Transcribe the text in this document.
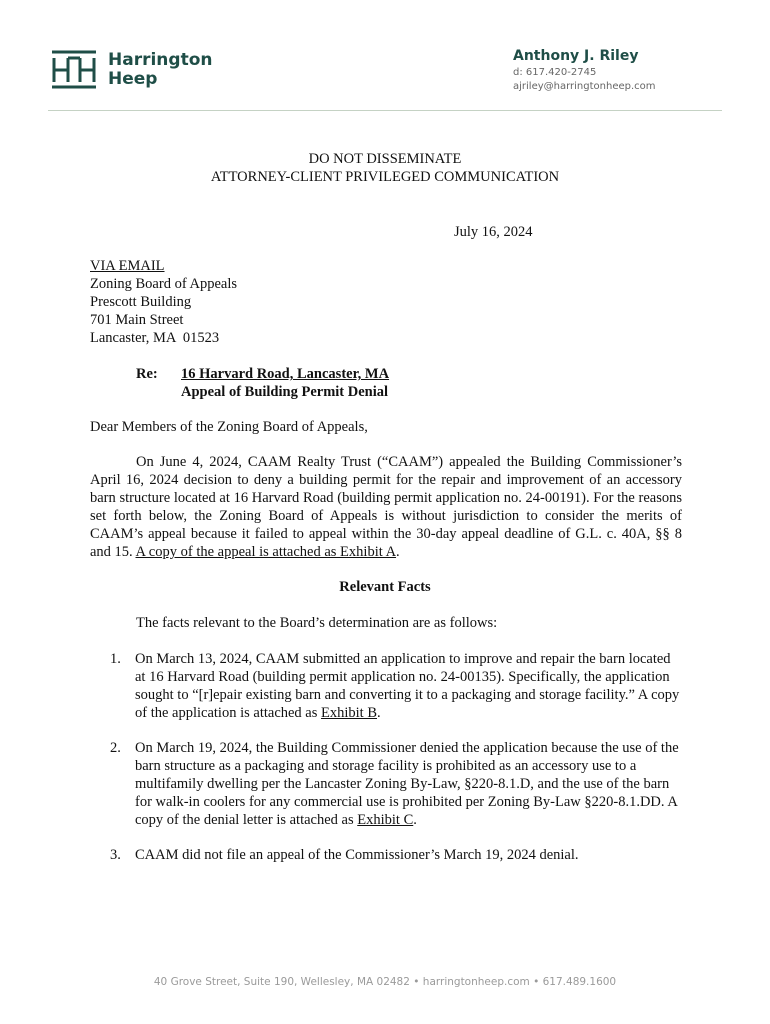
Harrington
Heep
Anthony J. Riley
d: 617.420-2745
ajriley@harringtonheep.com
DO NOT DISSEMINATE
ATTORNEY-CLIENT PRIVILEGED COMMUNICATION
July 16, 2024
VIA EMAIL
Zoning Board of Appeals
Prescott Building
701 Main Street
Lancaster, MA  01523
Re: 16 Harvard Road, Lancaster, MA
Appeal of Building Permit Denial
Dear Members of the Zoning Board of Appeals,
On June 4, 2024, CAAM Realty Trust (“CAAM”) appealed the Building Commissioner’s April 16, 2024 decision to deny a building permit for the repair and improvement of an accessory barn structure located at 16 Harvard Road (building permit application no. 24-00191). For the reasons set forth below, the Zoning Board of Appeals is without jurisdiction to consider the merits of CAAM’s appeal because it failed to appeal within the 30-day appeal deadline of G.L. c. 40A, §§ 8 and 15. A copy of the appeal is attached as Exhibit A.
Relevant Facts
The facts relevant to the Board’s determination are as follows:
1. On March 13, 2024, CAAM submitted an application to improve and repair the barn located at 16 Harvard Road (building permit application no. 24-00135). Specifically, the application sought to “[r]epair existing barn and converting it to a packaging and storage facility.” A copy of the application is attached as Exhibit B.
2. On March 19, 2024, the Building Commissioner denied the application because the use of the barn structure as a packaging and storage facility is prohibited as an accessory use to a multifamily dwelling per the Lancaster Zoning By-Law, §220-8.1.D, and the use of the barn for walk-in coolers for any commercial use is prohibited per Zoning By-Law §220-8.1.DD. A copy of the denial letter is attached as Exhibit C.
3. CAAM did not file an appeal of the Commissioner’s March 19, 2024 denial.
40 Grove Street, Suite 190, Wellesley, MA 02482 • harringtonheep.com • 617.489.1600
